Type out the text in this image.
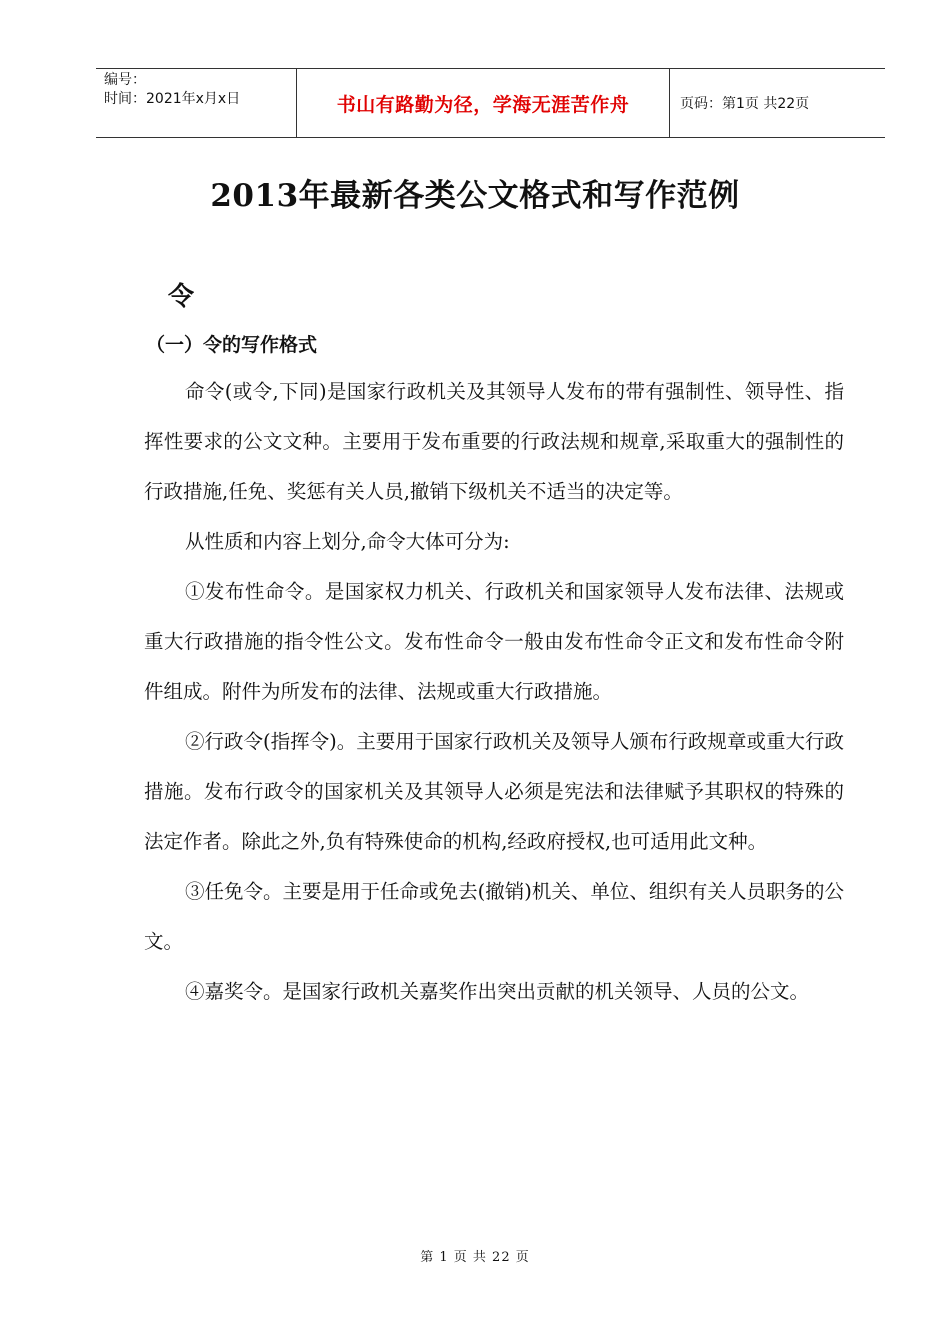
编号：
时间：2021年x月x日	书山有路勤为径，学海无涯苦作舟	页码：第1页 共22页
2013年最新各类公文格式和写作范例
令
（一）令的写作格式

命令(或令,下同)是国家行政机关及其领导人发布的带有强制性、领导性、指挥性要求的公文文种。主要用于发布重要的行政法规和规章,采取重大的强制性的行政措施,任免、奖惩有关人员,撤销下级机关不适当的决定等。

从性质和内容上划分,命令大体可分为:

①发布性命令。是国家权力机关、行政机关和国家领导人发布法律、法规或重大行政措施的指令性公文。发布性命令一般由发布性命令正文和发布性命令附件组成。附件为所发布的法律、法规或重大行政措施。

②行政令(指挥令)。主要用于国家行政机关及领导人颁布行政规章或重大行政措施。发布行政令的国家机关及其领导人必须是宪法和法律赋予其职权的特殊的法定作者。除此之外,负有特殊使命的机构,经政府授权,也可适用此文种。

③任免令。主要是用于任命或免去(撤销)机关、单位、组织有关人员职务的公文。

④嘉奖令。是国家行政机关嘉奖作出突出贡献的机关领导、人员的公文。

第 1 页 共 22 页
